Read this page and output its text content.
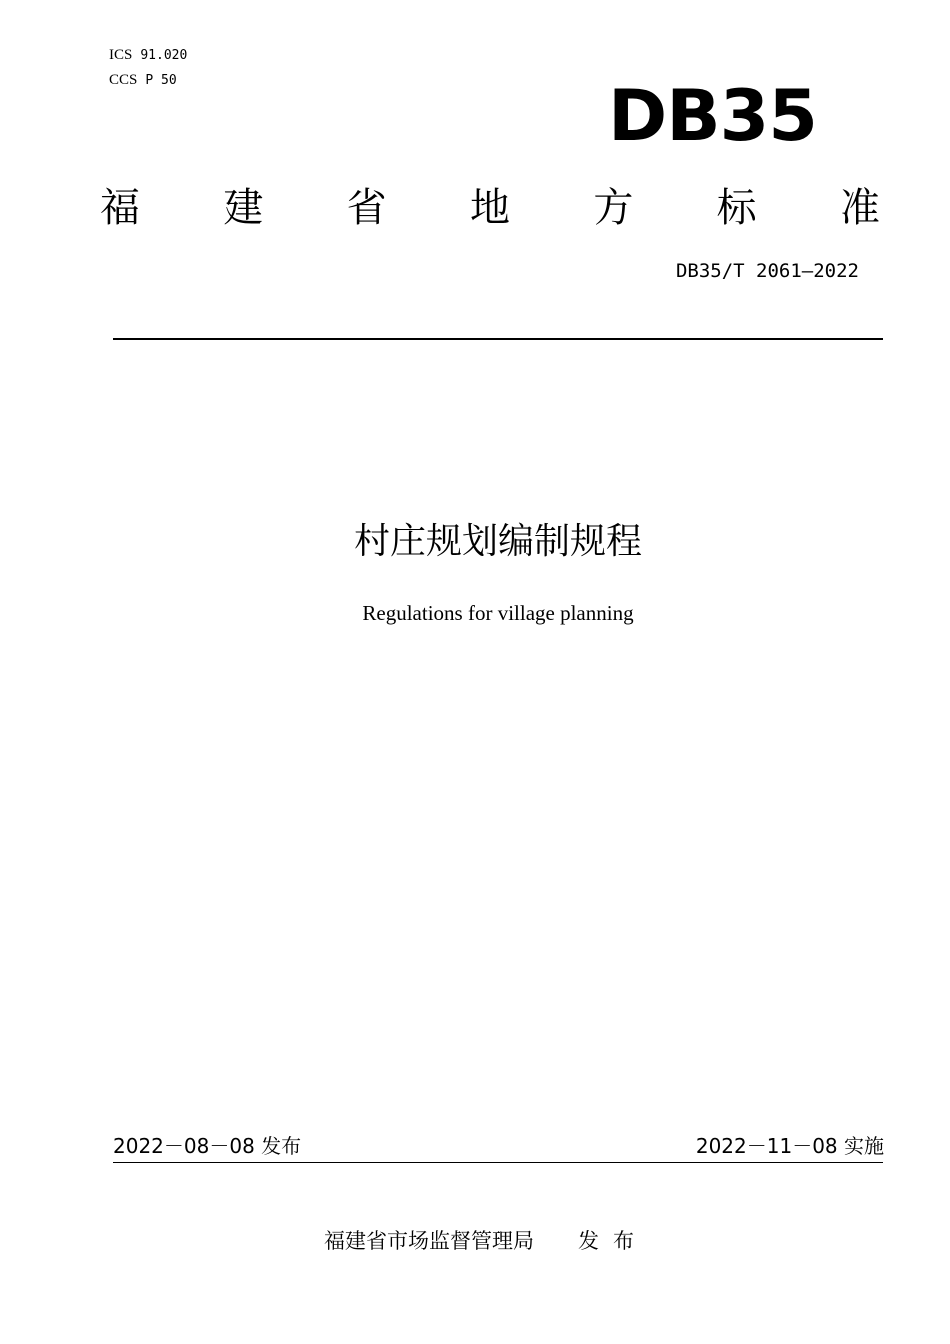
ICS 91.020
CCS P 50	DB35
福 建 省 地 方 标 准
DB35/T 2061—2022
村庄规划编制规程
Regulations for village planning
2022－08－08 发布	2022－11－08 实施
福建省市场监督管理局 发布
